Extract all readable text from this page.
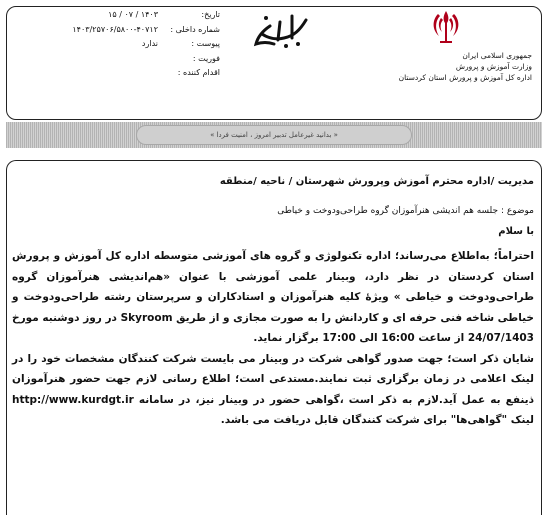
جمهوری اسلامی ایران
وزارت آموزش و پرورش
اداره کل آموزش و پرورش استان کردستان
تاریخ:
۱۴۰۳ / ۰۷ / ۱۵
شماره داخلی :
۱۴۰۳/۲۵۷۰۶/۵۸۰۰-۴۰۷۱۲
پیوست :
ندارد
فوریت :
اقدام کننده :
« بدانید غیرعامل تدبیر امروز ، امنیت فردا »
مدیریت /اداره محترم آموزش وپرورش شهرستان / ناحیه /منطقه
موضوع : جلسه هم اندیشی هنرآموزان گروه طراحی‌ودوخت و خیاطی
با سلام

احتراماً؛ بەاطلاع می‌رساند؛ اداره تکنولوژی و گروه های آموزشی متوسطه اداره کل آموزش و پرورش استان کردستان در نظر دارد، وبینار علمی آموزشی با عنوان «هم‌اندیشی هنرآموزان گروه طراحی‌ودوخت و خیاطی » ویژۀ کلیه هنرآموزان و استادکاران و سرپرستان رشته طراحی‌ودوخت و خیاطی شاخه فنی حرفه ای و کاردانش را به صورت مجازی و از طریق Skyroom در روز دوشنبه مورخ 24/07/1403 از ساعت 16:00 الی 17:00 برگزار نماید.

شایان ذکر است؛ جهت صدور گواهی شرکت در وبینار می بایست شرکت کنندگان مشخصات خود را در لینک اعلامی در زمان برگزاری ثبت نمایند.مستدعی است؛ اطلاع رسانی لازم جهت حضور هنرآموزان ذینفع به عمل آید.لازم به ذکر است ،گواهی حضور در وبینار نیز، در سامانه http://www.kurdgt.ir لینک "گواهی‌ها" برای شرکت کنندگان قابل دریافت می باشد.
